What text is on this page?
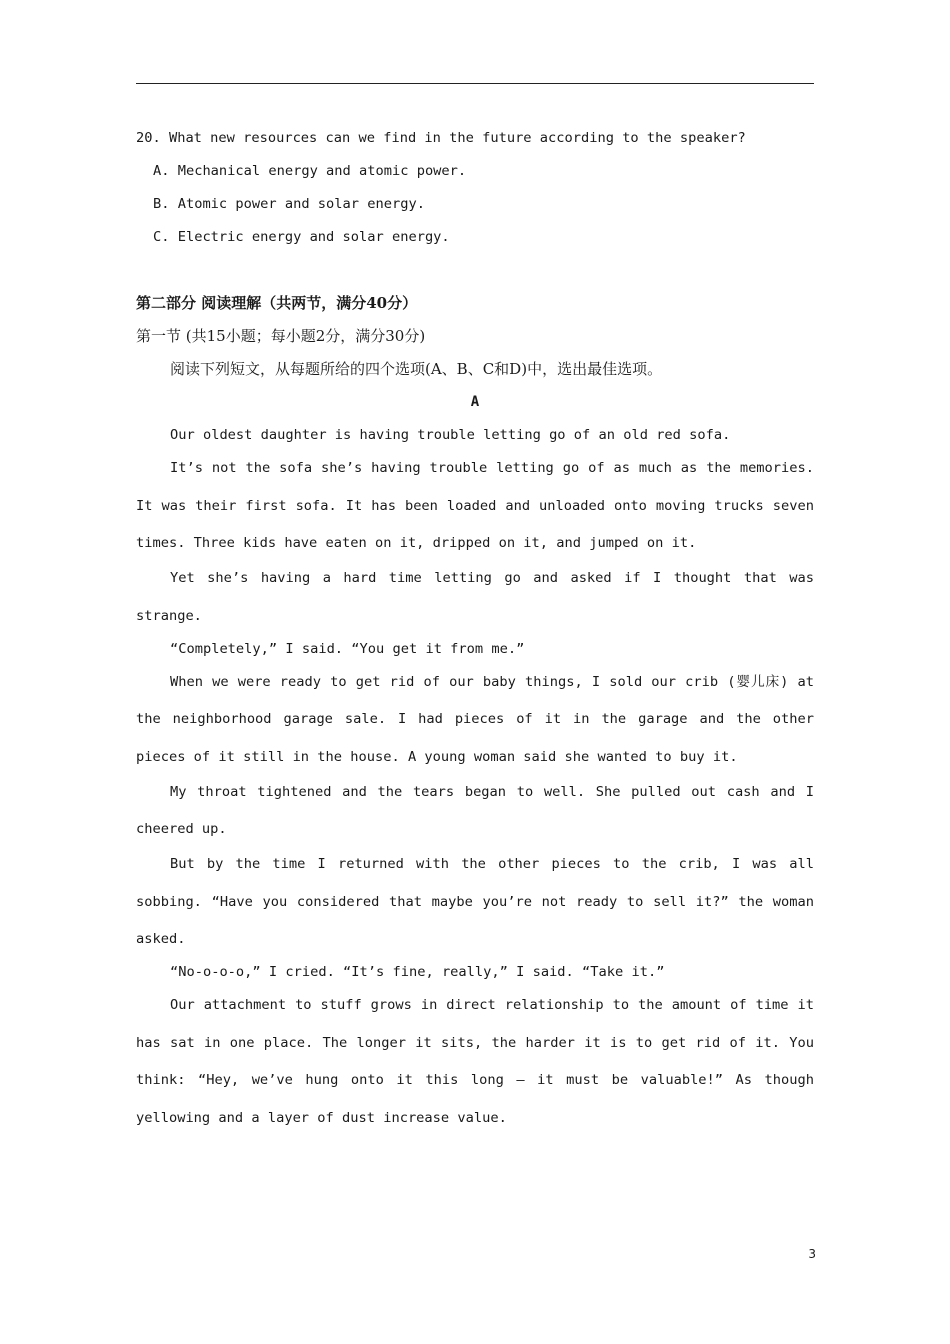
20. What new resources can we find in the future according to the speaker?
A. Mechanical energy and atomic power.
B. Atomic power and solar energy.
C. Electric energy and solar energy.
第二部分 阅读理解（共两节，满分40分）
第一节 (共15小题；每小题2分，满分30分)
阅读下列短文，从每题所给的四个选项(A、B、C和D)中，选出最佳选项。
A

Our oldest daughter is having trouble letting go of an old red sofa.

It’s not the sofa she’s having trouble letting go of as much as the memories. It was their first sofa. It has been loaded and unloaded onto moving trucks seven times. Three kids have eaten on it, dripped on it, and jumped on it.

Yet she’s having a hard time letting go and asked if I thought that was strange.

“Completely,” I said. “You get it from me.”

When we were ready to get rid of our baby things, I sold our crib (婴儿床) at the neighborhood garage sale. I had pieces of it in the garage and the other pieces of it still in the house. A young woman said she wanted to buy it.

My throat tightened and the tears began to well. She pulled out cash and I cheered up.

But by the time I returned with the other pieces to the crib, I was all sobbing. “Have you considered that maybe you’re not ready to sell it?” the woman asked.

“No-o-o-o,” I cried. “It’s fine, really,” I said. “Take it.”

Our attachment to stuff grows in direct relationship to the amount of time it has sat in one place. The longer it sits, the harder it is to get rid of it. You think: “Hey, we’ve hung onto it this long – it must be valuable!” As though yellowing and a layer of dust increase value.

3
